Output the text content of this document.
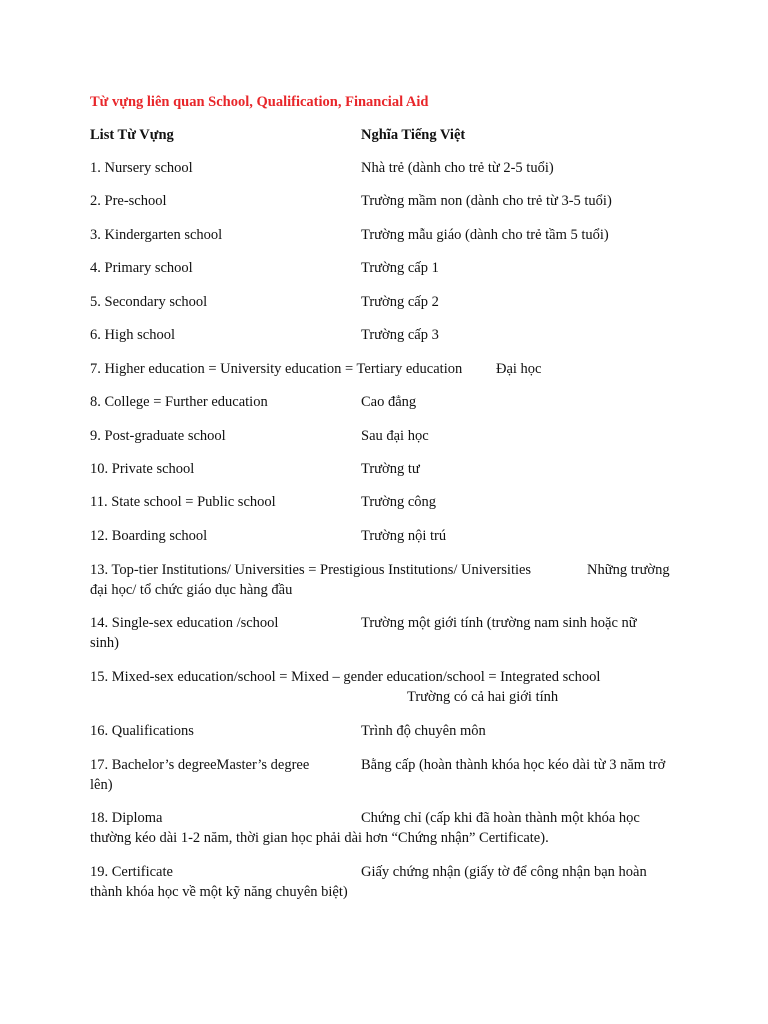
Từ vựng liên quan School, Qualification, Financial Aid
List Từ Vựng	Nghĩa Tiếng Việt
1. Nursery school	Nhà trẻ (dành cho trẻ từ 2-5 tuổi)
2. Pre-school	Trường mầm non (dành cho trẻ từ 3-5 tuổi)
3. Kindergarten school	Trường mẫu giáo (dành cho trẻ tầm 5 tuổi)
4. Primary school	Trường cấp 1
5. Secondary school	Trường cấp 2
6. High school	Trường cấp 3
7. Higher education = University education = Tertiary education Đại học
8. College = Further education	Cao đẳng
9. Post-graduate school	Sau đại học
10. Private school	Trường tư
11. State school = Public school	Trường công
12. Boarding school	Trường nội trú
13. Top-tier Institutions/ Universities = Prestigious Institutions/ Universities	Những trường
đại học/ tổ chức giáo dục hàng đầu
14. Single-sex education /school	Trường một giới tính (trường nam sinh hoặc nữ
sinh)
15. Mixed-sex education/school = Mixed – gender education/school = Integrated school
Trường có cả hai giới tính
16. Qualifications	Trình độ chuyên môn
17. Bachelor’s degreeMaster’s degree	Bằng cấp (hoàn thành khóa học kéo dài từ 3 năm trở
lên)
18. Diploma	Chứng chỉ (cấp khi đã hoàn thành một khóa học
thường kéo dài 1-2 năm, thời gian học phải dài hơn “Chứng nhận” Certificate).
19. Certificate	Giấy chứng nhận (giấy tờ để công nhận bạn hoàn
thành khóa học về một kỹ năng chuyên biệt)
